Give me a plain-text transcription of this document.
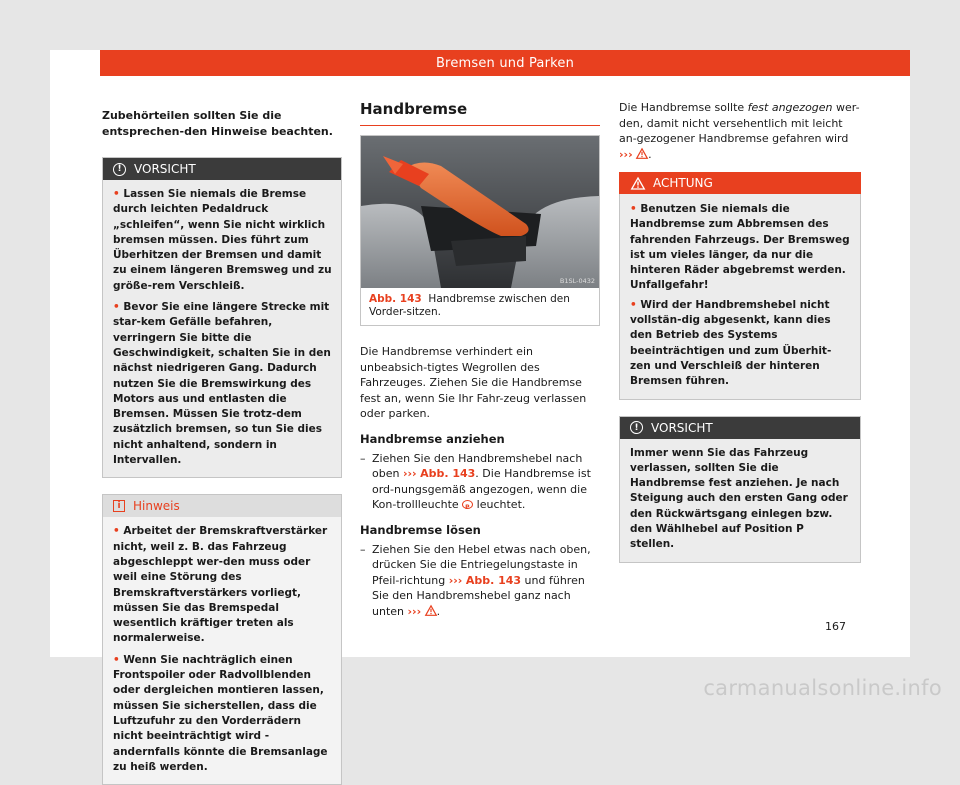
Bremsen und Parken
Zubehörteilen sollten Sie die entsprechen-den Hinweise beachten.
!	VORSICHT
• Lassen Sie niemals die Bremse durch leichten Pedaldruck „schleifen“, wenn Sie nicht wirklich bremsen müssen. Dies führt zum Überhitzen der Bremsen und damit zu einem längeren Bremsweg und zu größe-rem Verschleiß.
• Bevor Sie eine längere Strecke mit star-kem Gefälle befahren, verringern Sie bitte die Geschwindigkeit, schalten Sie in den nächst niedrigeren Gang. Dadurch nutzen Sie die Bremswirkung des Motors aus und entlasten die Bremsen. Müssen Sie trotz-dem zusätzlich bremsen, so tun Sie dies nicht anhaltend, sondern in Intervallen.
i	Hinweis
• Arbeitet der Bremskraftverstärker nicht, weil z. B. das Fahrzeug abgeschleppt wer-den muss oder weil eine Störung des Bremskraftverstärkers vorliegt, müssen Sie das Bremspedal wesentlich kräftiger treten als normalerweise.
• Wenn Sie nachträglich einen Frontspoiler oder Radvollblenden oder dergleichen montieren lassen, müssen Sie sicherstellen, dass die Luftzufuhr zu den Vorderrädern nicht beeinträchtigt wird - andernfalls könnte die Bremsanlage zu heiß werden.
Handbremse
B1SL-0432
Abb. 143 Handbremse zwischen den Vorder-sitzen.
Die Handbremse verhindert ein unbeabsich-tigtes Wegrollen des Fahrzeuges. Ziehen Sie die Handbremse fest an, wenn Sie Ihr Fahr-zeug verlassen oder parken.
Handbremse anziehen
– Ziehen Sie den Handbremshebel nach oben ››› Abb. 143. Die Handbremse ist ord-nungsgemäß angezogen, wenn die Kon-trollleuchte P leuchtet.
Handbremse lösen
– Ziehen Sie den Hebel etwas nach oben, drücken Sie die Entriegelungstaste in Pfeil-richtung ››› Abb. 143 und führen Sie den Handbremshebel ganz nach unten ››› .
Die Handbremse sollte fest angezogen wer-den, damit nicht versehentlich mit leicht an-gezogener Handbremse gefahren wird ››› .
ACHTUNG
• Benutzen Sie niemals die Handbremse zum Abbremsen des fahrenden Fahrzeugs. Der Bremsweg ist um vieles länger, da nur die hinteren Räder abgebremst werden. Unfallgefahr!
• Wird der Handbremshebel nicht vollstän-dig abgesenkt, kann dies den Betrieb des Systems beeinträchtigen und zum Überhit-zen und Verschleiß der hinteren Bremsen führen.
!	VORSICHT
Immer wenn Sie das Fahrzeug verlassen, sollten Sie die Handbremse fest anziehen. Je nach Steigung auch den ersten Gang oder den Rückwärtsgang einlegen bzw. den Wählhebel auf Position P stellen.
167
carmanualsonline.info
